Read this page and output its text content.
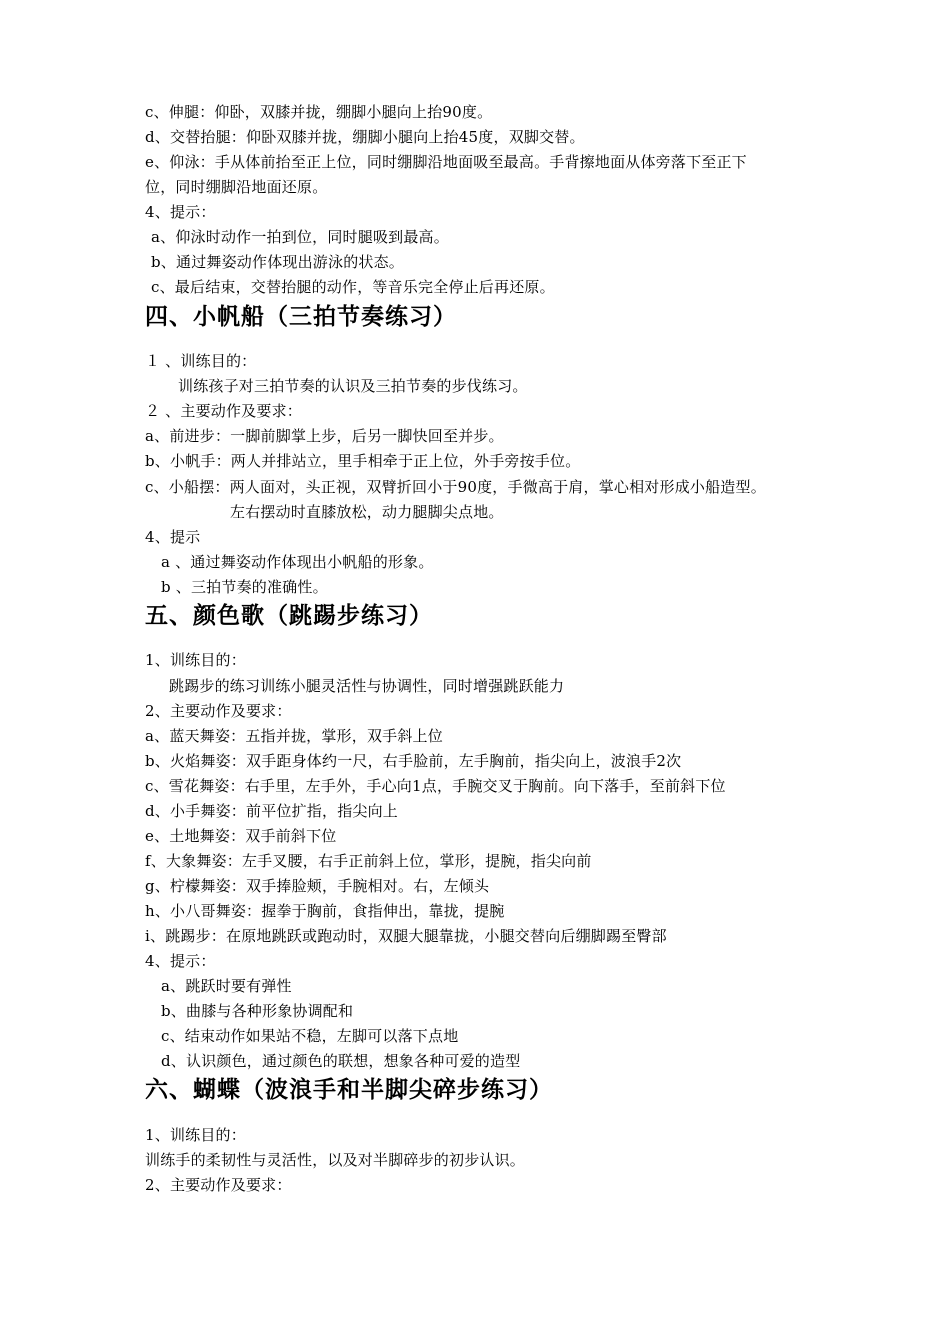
c、伸腿：仰卧，双膝并拢，绷脚小腿向上抬90度。
d、交替抬腿：仰卧双膝并拢，绷脚小腿向上抬45度，双脚交替。
e、仰泳：手从体前抬至正上位，同时绷脚沿地面吸至最高。手背擦地面从体旁落下至正下
位，同时绷脚沿地面还原。
4、提示：
a、仰泳时动作一拍到位，同时腿吸到最高。
b、通过舞姿动作体现出游泳的状态。
c、最后结束，交替抬腿的动作，等音乐完全停止后再还原。
四、小帆船（三拍节奏练习）
１ 、训练目的：
训练孩子对三拍节奏的认识及三拍节奏的步伐练习。
２ 、主要动作及要求：
a、前进步：一脚前脚掌上步，后另一脚快回至并步。
b、小帆手：两人并排站立，里手相牵于正上位，外手旁按手位。
c、小船摆：两人面对，头正视，双臂折回小于90度，手微高于肩，掌心相对形成小船造型。
左右摆动时直膝放松，动力腿脚尖点地。
4、提示
a 、通过舞姿动作体现出小帆船的形象。
b 、三拍节奏的准确性。
五、颜色歌（跳踢步练习）
1、训练目的：
跳踢步的练习训练小腿灵活性与协调性，同时增强跳跃能力
2、主要动作及要求：
a、蓝天舞姿：五指并拢，掌形，双手斜上位
b、火焰舞姿：双手距身体约一尺，右手脸前，左手胸前，指尖向上，波浪手2次
c、雪花舞姿：右手里，左手外，手心向1点，手腕交叉于胸前。向下落手，至前斜下位
d、小手舞姿：前平位扩指，指尖向上
e、土地舞姿：双手前斜下位
f、大象舞姿：左手叉腰，右手正前斜上位，掌形，提腕，指尖向前
g、柠檬舞姿：双手捧脸颊，手腕相对。右，左倾头
h、小八哥舞姿：握拳于胸前，食指伸出，靠拢，提腕
i、跳踢步：在原地跳跃或跑动时，双腿大腿靠拢，小腿交替向后绷脚踢至臀部
4、提示：
a、跳跃时要有弹性
b、曲膝与各种形象协调配和
c、结束动作如果站不稳，左脚可以落下点地
d、认识颜色，通过颜色的联想，想象各种可爱的造型
六、蝴蝶（波浪手和半脚尖碎步练习）
1、训练目的：
训练手的柔韧性与灵活性，以及对半脚碎步的初步认识。
2、主要动作及要求：
